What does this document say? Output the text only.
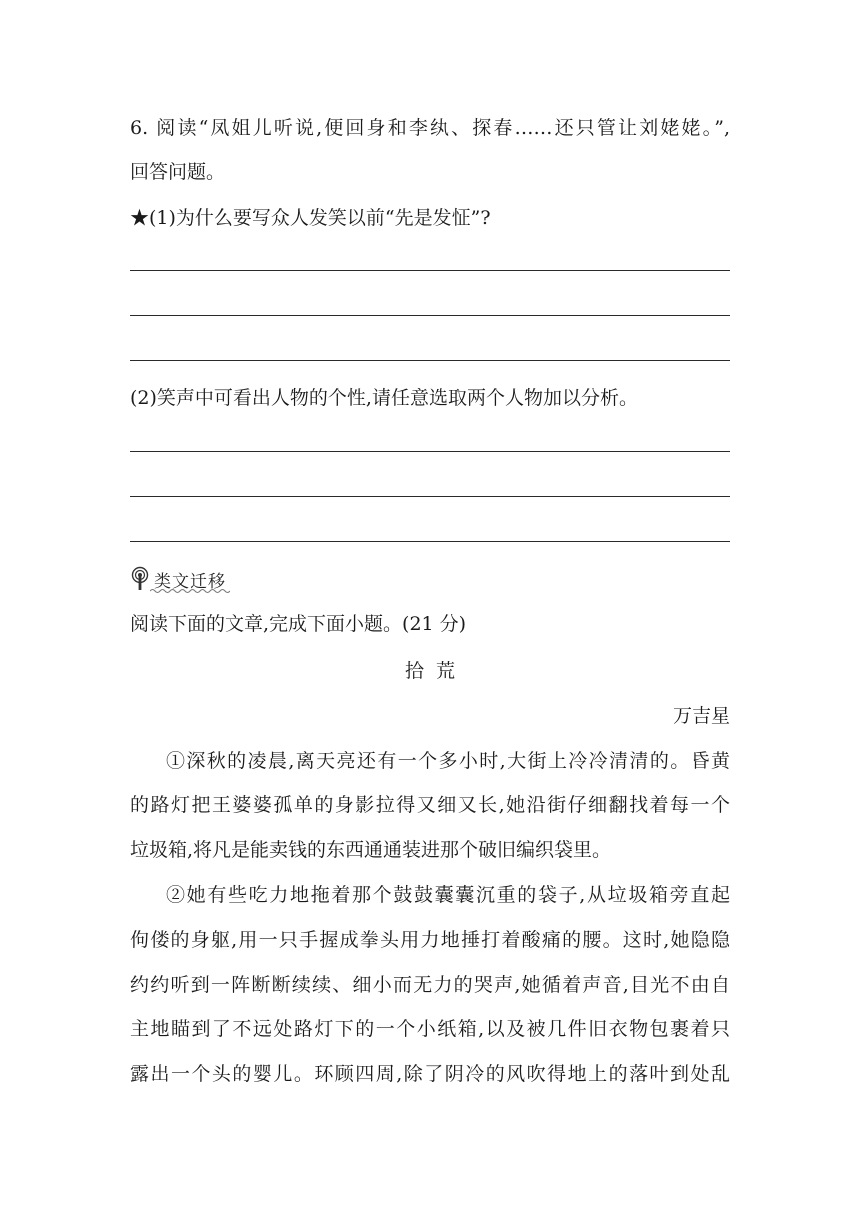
6. 阅读“凤姐儿听说,便回身和李纨、探春……还只管让刘姥姥。”,
回答问题。
★(1)为什么要写众人发笑以前“先是发怔”?
(2)笑声中可看出人物的个性,请任意选取两个人物加以分析。
类文迁移
阅读下面的文章,完成下面小题。(21 分)
拾  荒
万吉星
①深秋的凌晨,离天亮还有一个多小时,大街上冷冷清清的。昏黄
的路灯把王婆婆孤单的身影拉得又细又长,她沿街仔细翻找着每一个
垃圾箱,将凡是能卖钱的东西通通装进那个破旧编织袋里。
②她有些吃力地拖着那个鼓鼓囊囊沉重的袋子,从垃圾箱旁直起
佝偻的身躯,用一只手握成拳头用力地捶打着酸痛的腰。这时,她隐隐
约约听到一阵断断续续、细小而无力的哭声,她循着声音,目光不由自
主地瞄到了不远处路灯下的一个小纸箱,以及被几件旧衣物包裹着只
露出一个头的婴儿。环顾四周,除了阴冷的风吹得地上的落叶到处乱
